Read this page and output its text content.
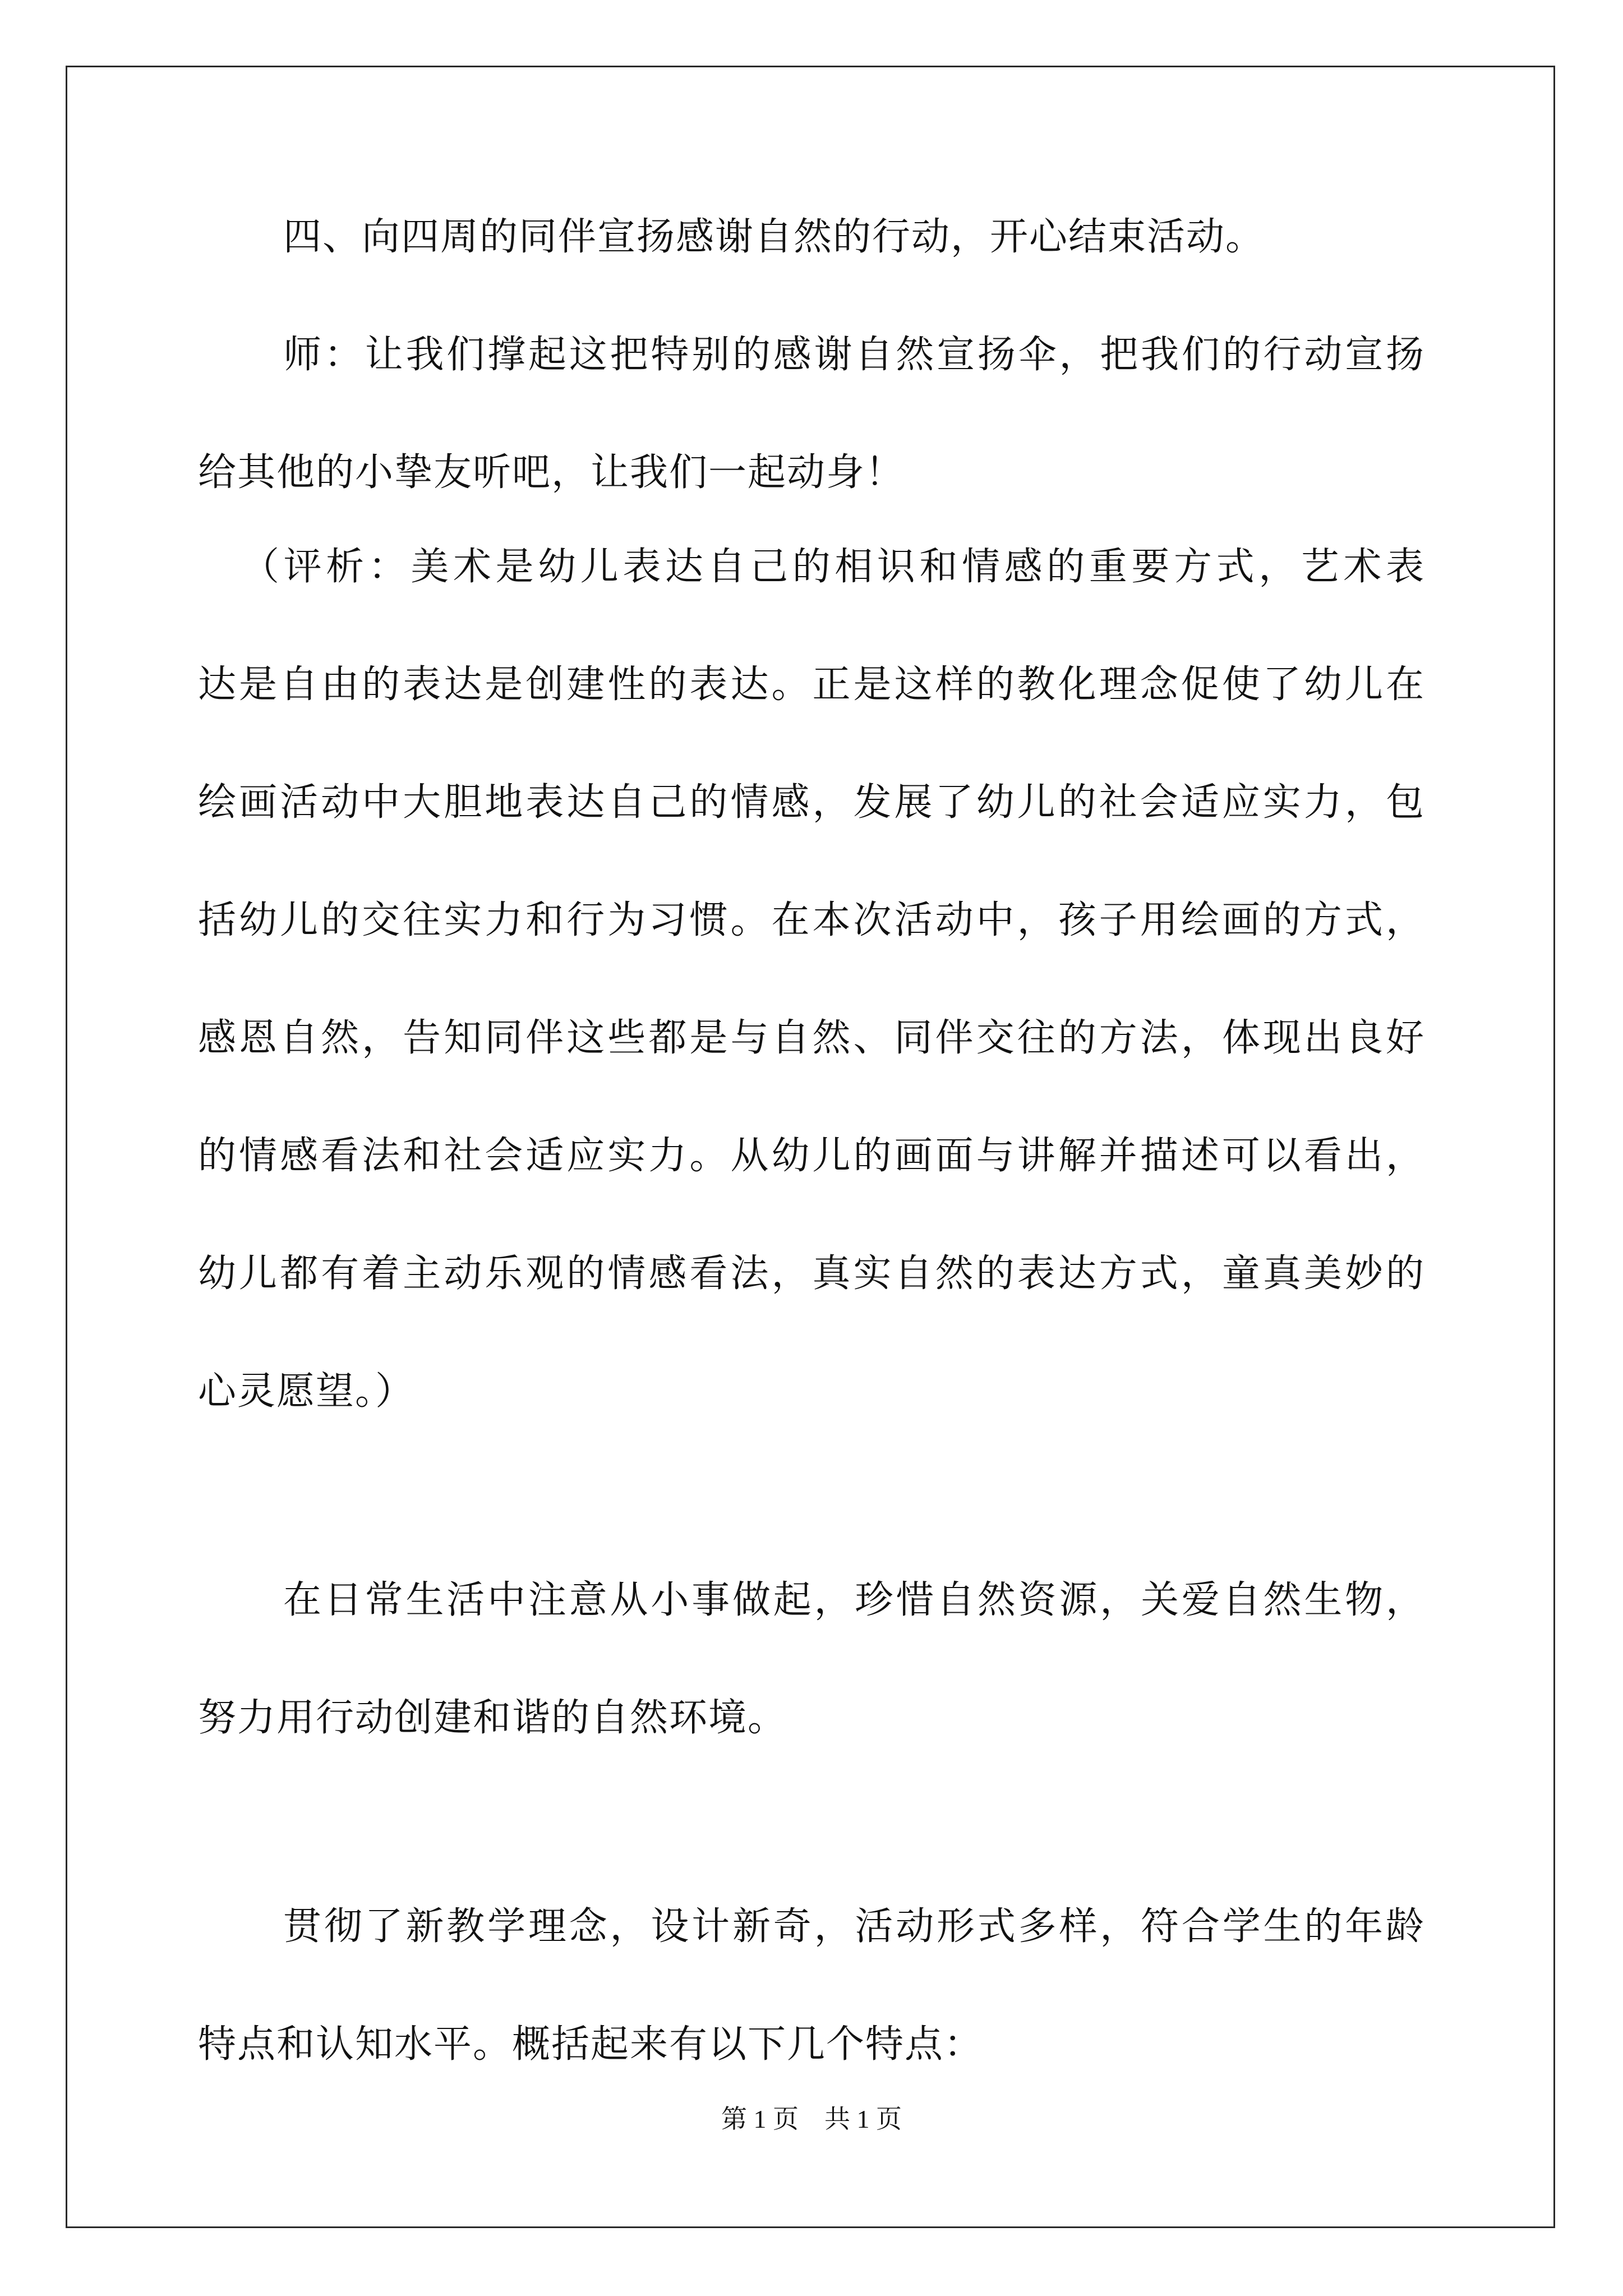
四、向四周的同伴宣扬感谢自然的行动，开心结束活动。
师：让我们撑起这把特别的感谢自然宣扬伞，把我们的行动宣扬
给其他的小挚友听吧，让我们一起动身！
（评析：美术是幼儿表达自己的相识和情感的重要方式，艺术表
达是自由的表达是创建性的表达。正是这样的教化理念促使了幼儿在
绘画活动中大胆地表达自己的情感，发展了幼儿的社会适应实力，包
括幼儿的交往实力和行为习惯。在本次活动中，孩子用绘画的方式，
感恩自然，告知同伴这些都是与自然、同伴交往的方法，体现出良好
的情感看法和社会适应实力。从幼儿的画面与讲解并描述可以看出，
幼儿都有着主动乐观的情感看法，真实自然的表达方式，童真美妙的
心灵愿望。）
在日常生活中注意从小事做起，珍惜自然资源，关爱自然生物，
努力用行动创建和谐的自然环境。
贯彻了新教学理念，设计新奇，活动形式多样，符合学生的年龄
特点和认知水平。概括起来有以下几个特点：
第 1 页　共 1 页
